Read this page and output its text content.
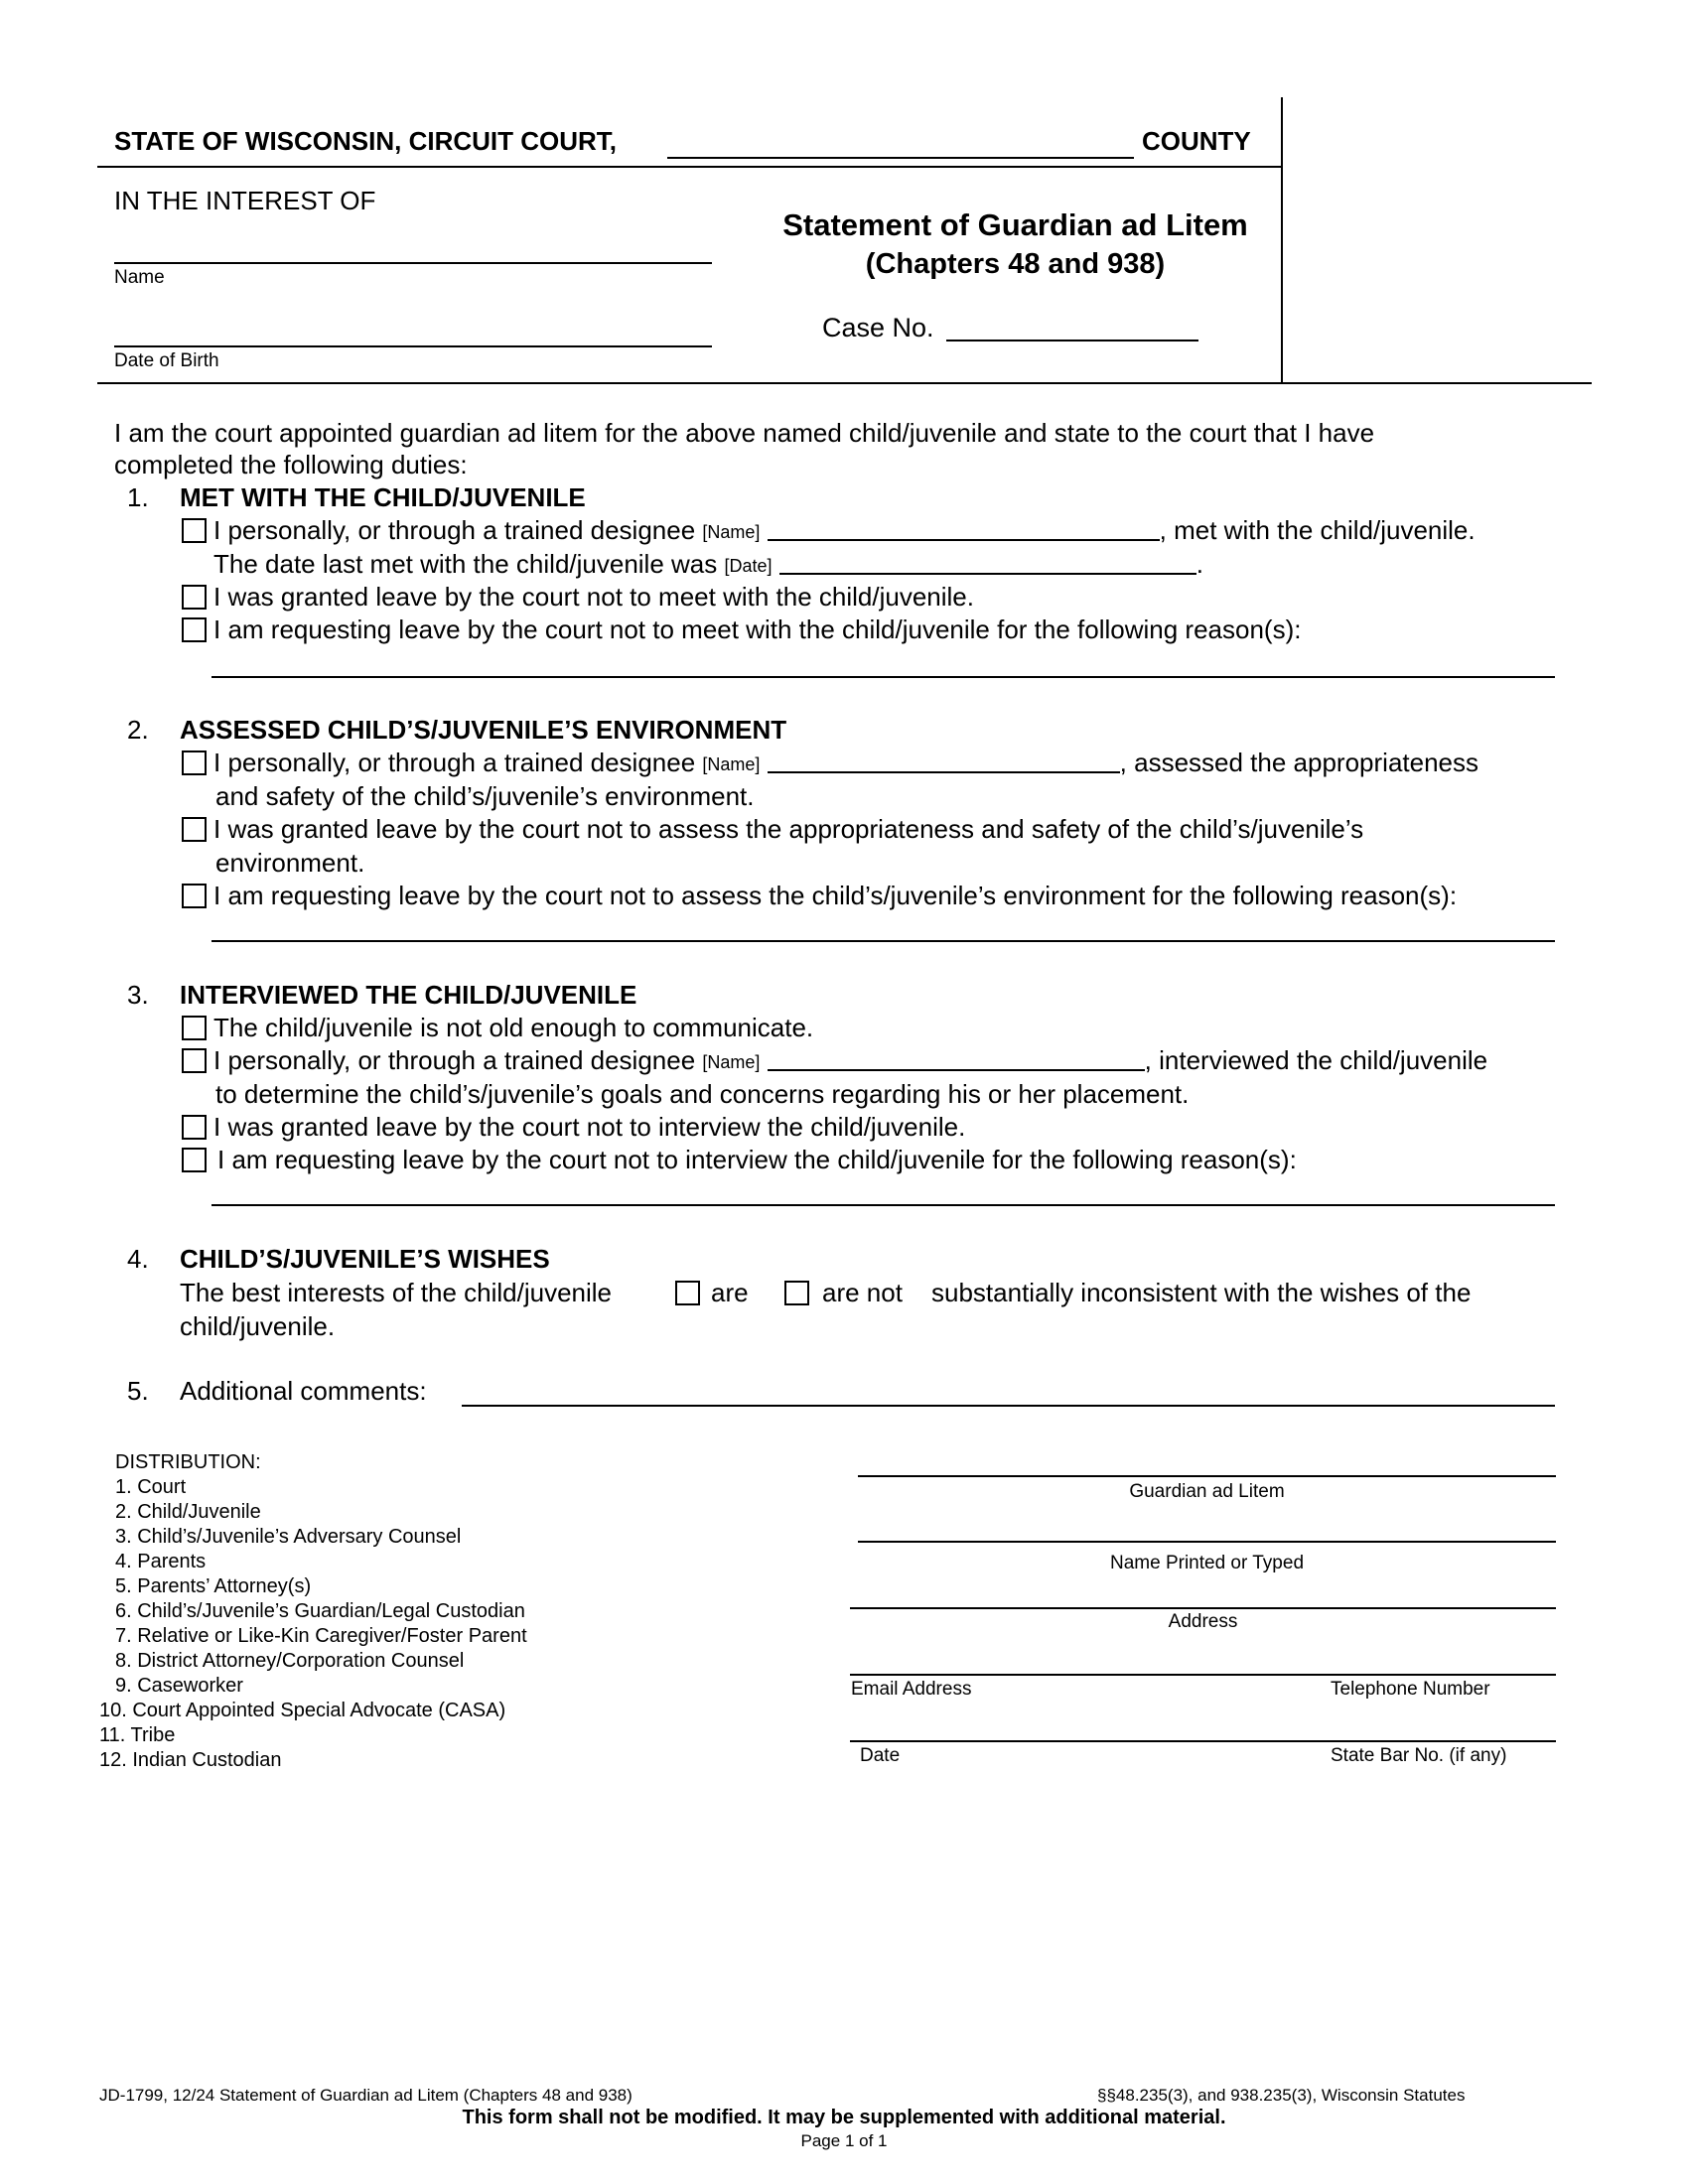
STATE OF WISCONSIN, CIRCUIT COURT,	COUNTY
IN THE INTEREST OF
Name
Date of Birth
Statement of Guardian ad Litem
(Chapters 48 and 938)
Case No.
I am the court appointed guardian ad litem for the above named child/juvenile and state to the court that I have
completed the following duties:
1. MET WITH THE CHILD/JUVENILE
I personally, or through a trained designee [Name]	, met with the child/juvenile.
The date last met with the child/juvenile was [Date]	.
I was granted leave by the court not to meet with the child/juvenile.
I am requesting leave by the court not to meet with the child/juvenile for the following reason(s):
2. ASSESSED CHILD’S/JUVENILE’S ENVIRONMENT
I personally, or through a trained designee [Name]	, assessed the appropriateness
and safety of the child’s/juvenile’s environment.
I was granted leave by the court not to assess the appropriateness and safety of the child’s/juvenile’s
environment.
I am requesting leave by the court not to assess the child’s/juvenile’s environment for the following reason(s):
3. INTERVIEWED THE CHILD/JUVENILE
The child/juvenile is not old enough to communicate.
I personally, or through a trained designee [Name]	, interviewed the child/juvenile
to determine the child’s/juvenile’s goals and concerns regarding his or her placement.
I was granted leave by the court not to interview the child/juvenile.
I am requesting leave by the court not to interview the child/juvenile for the following reason(s):
4. CHILD’S/JUVENILE’S WISHES
The best interests of the child/juvenile	are	are not substantially inconsistent with the wishes of the
child/juvenile.
5. Additional comments:
DISTRIBUTION:
1. Court
2. Child/Juvenile
3. Child’s/Juvenile’s Adversary Counsel
4. Parents
5. Parents’ Attorney(s)
6. Child’s/Juvenile’s Guardian/Legal Custodian
7. Relative or Like-Kin Caregiver/Foster Parent
8. District Attorney/Corporation Counsel
9. Caseworker
10. Court Appointed Special Advocate (CASA)
11. Tribe
12. Indian Custodian
Guardian ad Litem
Name Printed or Typed
Address
Email Address	Telephone Number
Date	State Bar No. (if any)
JD-1799, 12/24 Statement of Guardian ad Litem (Chapters 48 and 938)	§§48.235(3), and 938.235(3), Wisconsin Statutes
This form shall not be modified. It may be supplemented with additional material.
Page 1 of 1
